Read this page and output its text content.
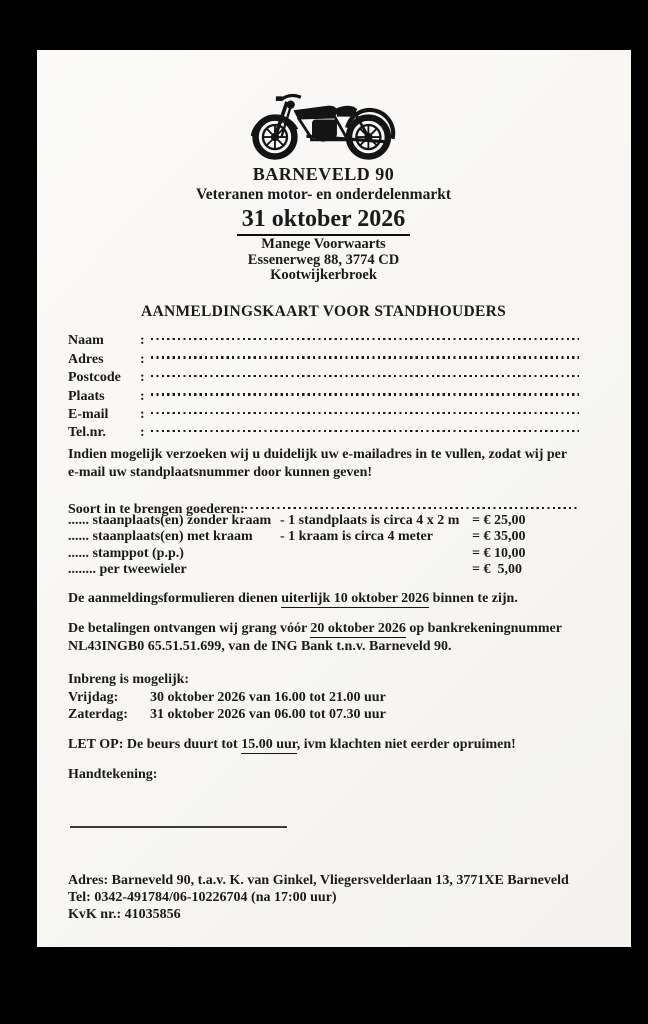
BARNEVELD 90
Veteranen motor- en onderdelenmarkt
31 oktober 2026
Manege Voorwaarts
Essenerweg 88, 3774 CD
Kootwijkerbroek
AANMELDINGSKAART VOOR STANDHOUDERS
Naam	:
Adres	:
Postcode	:
Plaats	:
E-mail	:
Tel.nr.	:
Indien mogelijk verzoeken wij u duidelijk uw e-mailadres in te vullen, zodat wij per
e-mail uw standplaatsnummer door kunnen geven!
Soort in te brengen goederen:
...... staanplaats(en) zonder kraam - 1 standplaats is circa 4 x 2 m = € 25,00
...... staanplaats(en) met kraam	- 1 kraam is circa 4 meter	= € 35,00
...... stamppot (p.p.)	= € 10,00
........ per tweewieler	= €  5,00
De aanmeldingsformulieren dienen uiterlijk 10 oktober 2026 binnen te zijn.
De betalingen ontvangen wij grang vóór 20 oktober 2026 op bankrekeningnummer
NL43INGB0 65.51.51.699, van de ING Bank t.n.v. Barneveld 90.
Inbreng is mogelijk:
Vrijdag:	30 oktober 2026 van 16.00 tot 21.00 uur
Zaterdag:	31 oktober 2026 van 06.00 tot 07.30 uur
LET OP: De beurs duurt tot 15.00 uur, ivm klachten niet eerder opruimen!
Handtekening:
Adres: Barneveld 90, t.a.v. K. van Ginkel, Vliegersvelderlaan 13, 3771XE Barneveld
Tel: 0342-491784/06-10226704 (na 17:00 uur)
KvK nr.: 41035856
